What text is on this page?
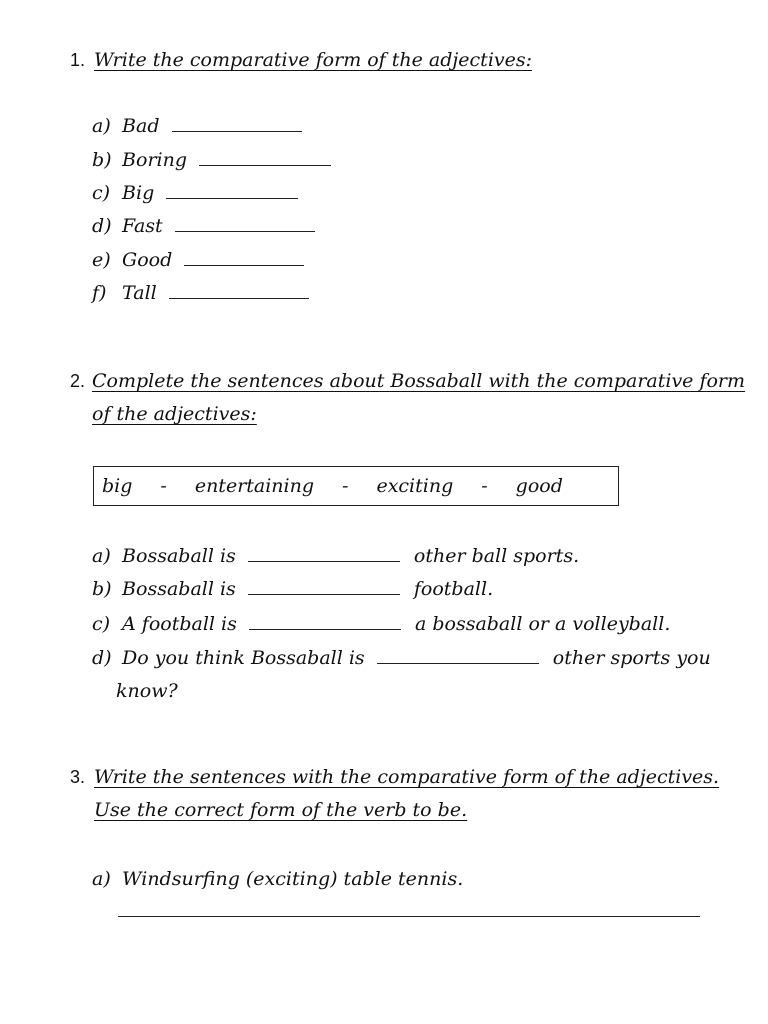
1. Write the comparative form of the adjectives:
a) Bad
b) Boring
c) Big
d) Fast
e) Good
f) Tall
2. Complete the sentences about Bossaball with the comparative form
of the adjectives:
big - entertaining - exciting - good
a) Bossaball is	other ball sports.
b) Bossaball is	football.
c) A football is	a bossaball or a volleyball.
d) Do you think Bossaball is	other sports you
know?
3. Write the sentences with the comparative form of the adjectives.
Use the correct form of the verb to be.
a) Windsurfing (exciting) table tennis.
